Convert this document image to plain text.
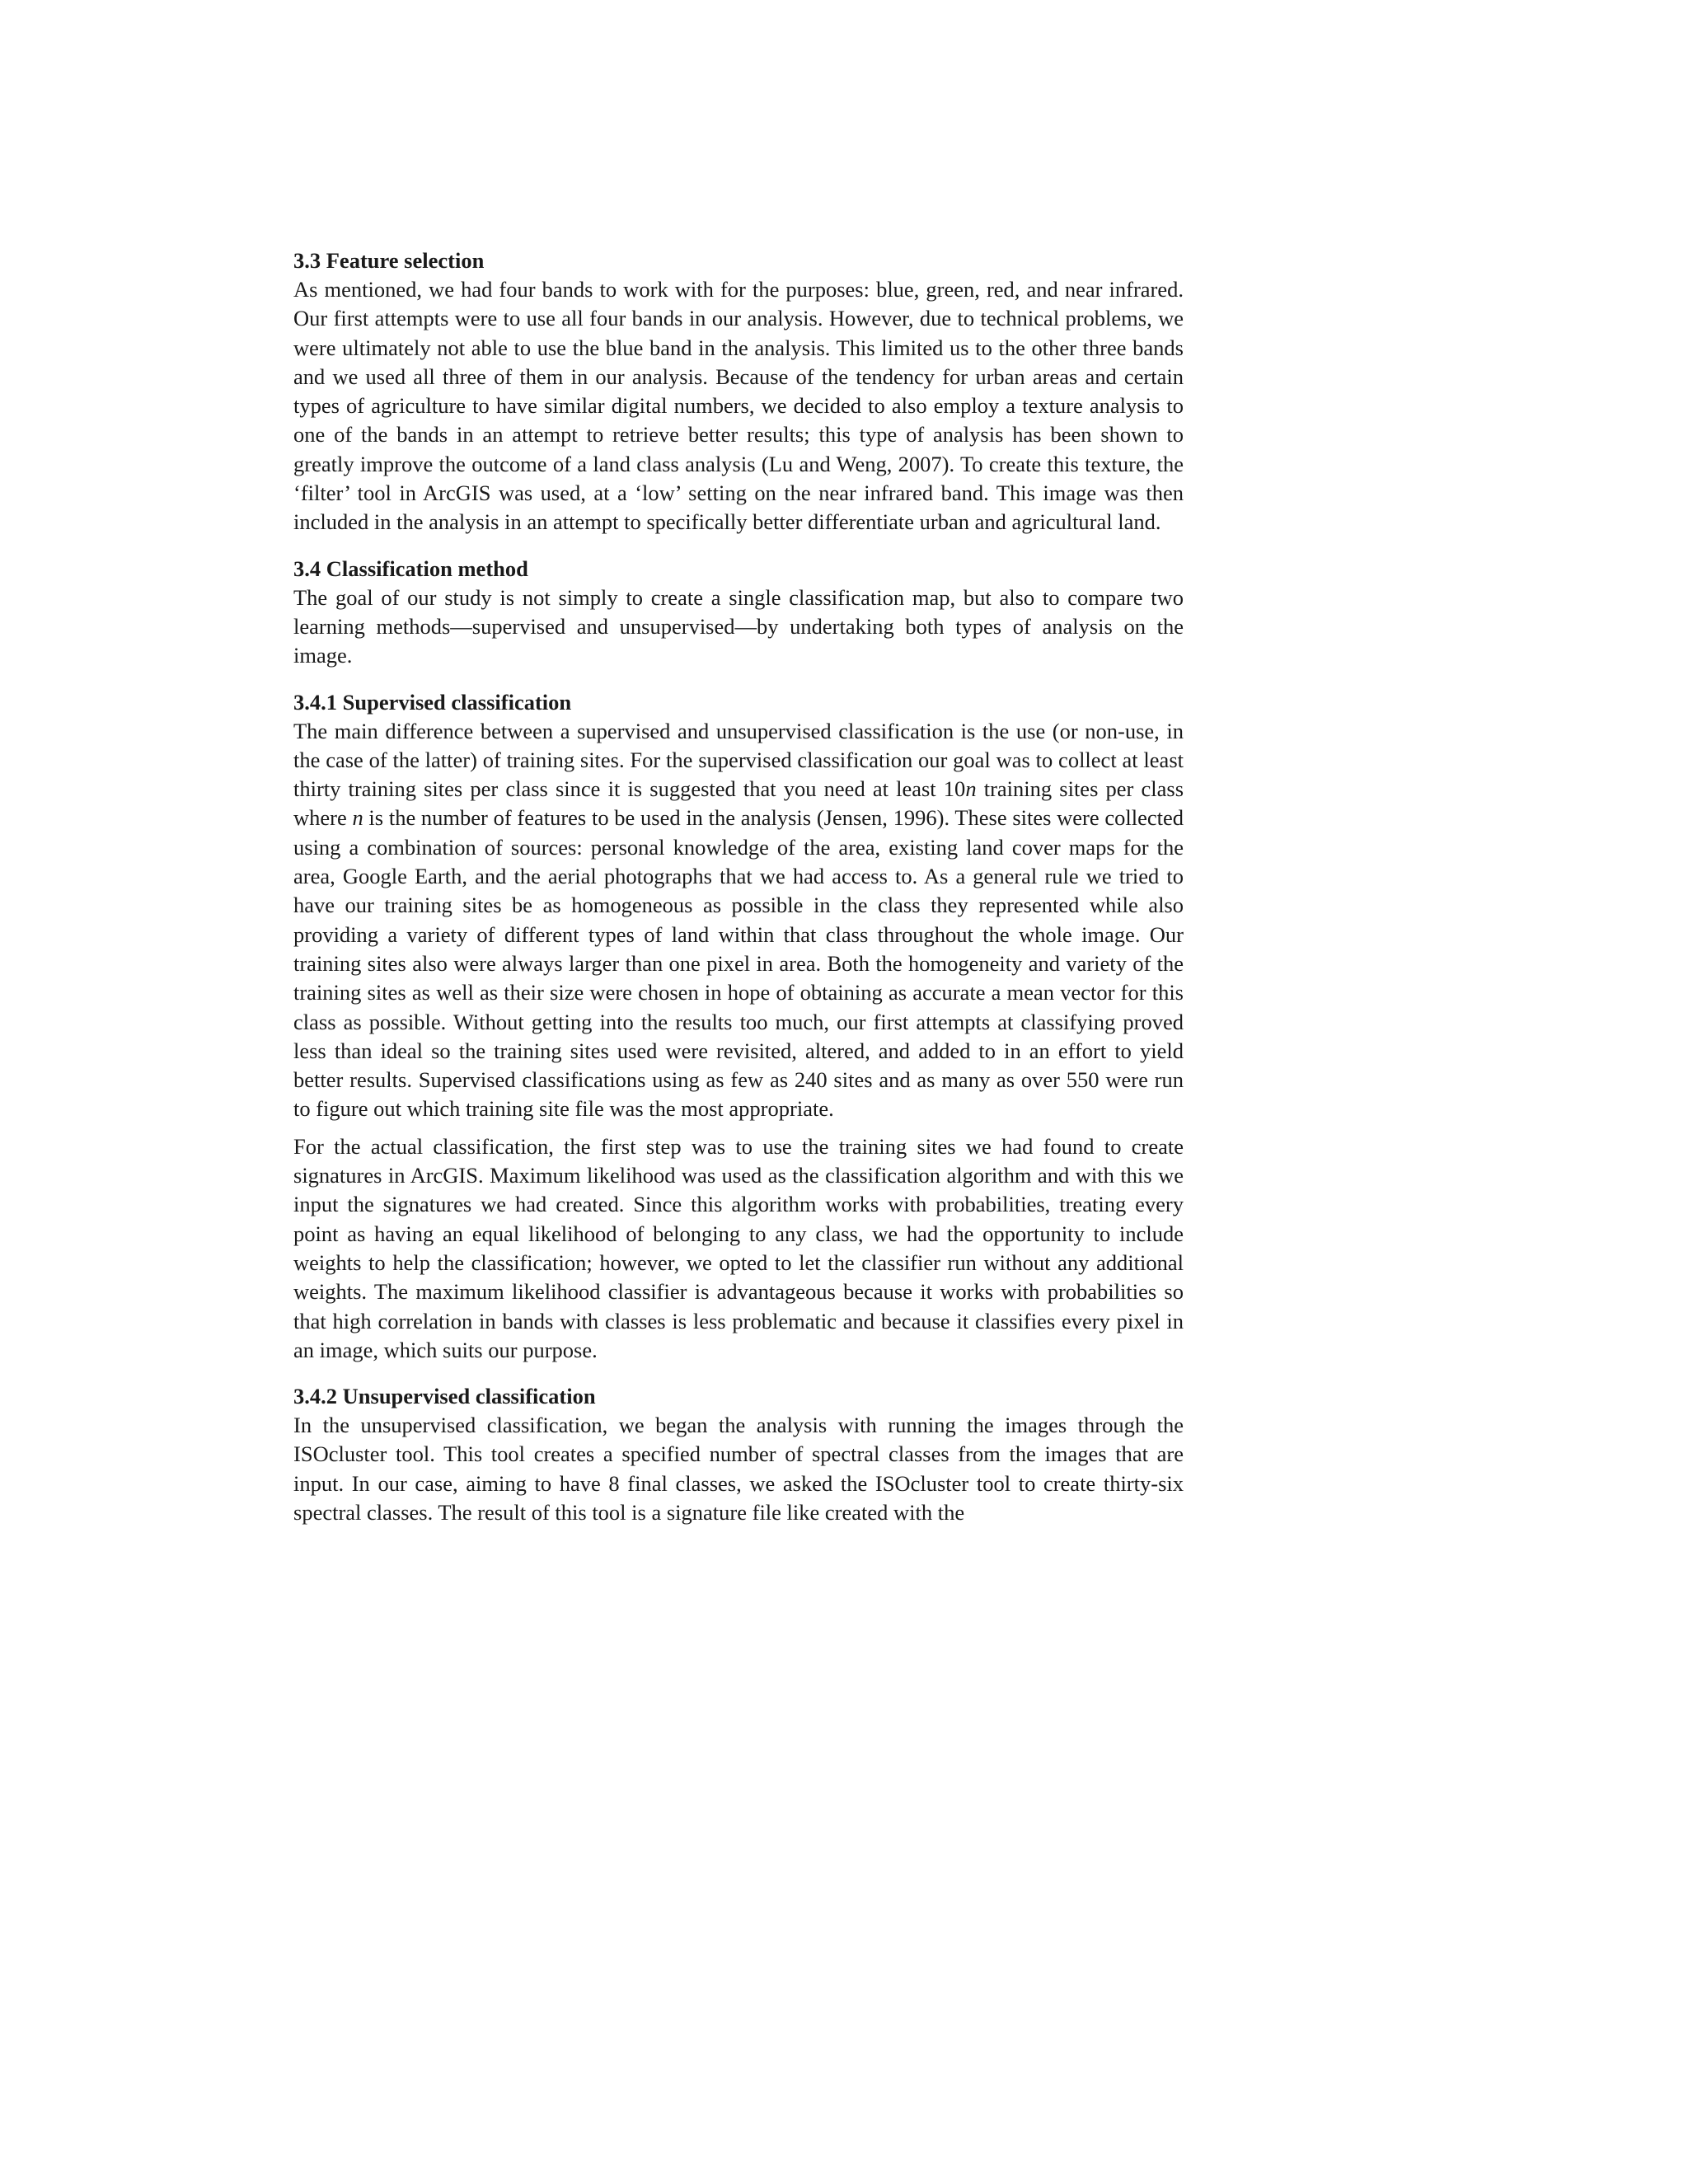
3.3 Feature selection

As mentioned, we had four bands to work with for the purposes: blue, green, red, and near infrared. Our first attempts were to use all four bands in our analysis. However, due to technical problems, we were ultimately not able to use the blue band in the analysis. This limited us to the other three bands and we used all three of them in our analysis. Because of the tendency for urban areas and certain types of agriculture to have similar digital numbers, we decided to also employ a texture analysis to one of the bands in an attempt to retrieve better results; this type of analysis has been shown to greatly improve the outcome of a land class analysis (Lu and Weng, 2007). To create this texture, the ‘filter’ tool in ArcGIS was used, at a ‘low’ setting on the near infrared band. This image was then included in the analysis in an attempt to specifically better differentiate urban and agricultural land.

3.4 Classification method

The goal of our study is not simply to create a single classification map, but also to compare two learning methods—supervised and unsupervised—by undertaking both types of analysis on the image.

3.4.1 Supervised classification

The main difference between a supervised and unsupervised classification is the use (or non-use, in the case of the latter) of training sites. For the supervised classification our goal was to collect at least thirty training sites per class since it is suggested that you need at least 10n training sites per class where n is the number of features to be used in the analysis (Jensen, 1996). These sites were collected using a combination of sources: personal knowledge of the area, existing land cover maps for the area, Google Earth, and the aerial photographs that we had access to. As a general rule we tried to have our training sites be as homogeneous as possible in the class they represented while also providing a variety of different types of land within that class throughout the whole image. Our training sites also were always larger than one pixel in area. Both the homogeneity and variety of the training sites as well as their size were chosen in hope of obtaining as accurate a mean vector for this class as possible. Without getting into the results too much, our first attempts at classifying proved less than ideal so the training sites used were revisited, altered, and added to in an effort to yield better results. Supervised classifications using as few as 240 sites and as many as over 550 were run to figure out which training site file was the most appropriate.

For the actual classification, the first step was to use the training sites we had found to create signatures in ArcGIS. Maximum likelihood was used as the classification algorithm and with this we input the signatures we had created. Since this algorithm works with probabilities, treating every point as having an equal likelihood of belonging to any class, we had the opportunity to include weights to help the classification; however, we opted to let the classifier run without any additional weights. The maximum likelihood classifier is advantageous because it works with probabilities so that high correlation in bands with classes is less problematic and because it classifies every pixel in an image, which suits our purpose.

3.4.2 Unsupervised classification

In the unsupervised classification, we began the analysis with running the images through the ISOcluster tool. This tool creates a specified number of spectral classes from the images that are input. In our case, aiming to have 8 final classes, we asked the ISOcluster tool to create thirty-six spectral classes. The result of this tool is a signature file like created with the
